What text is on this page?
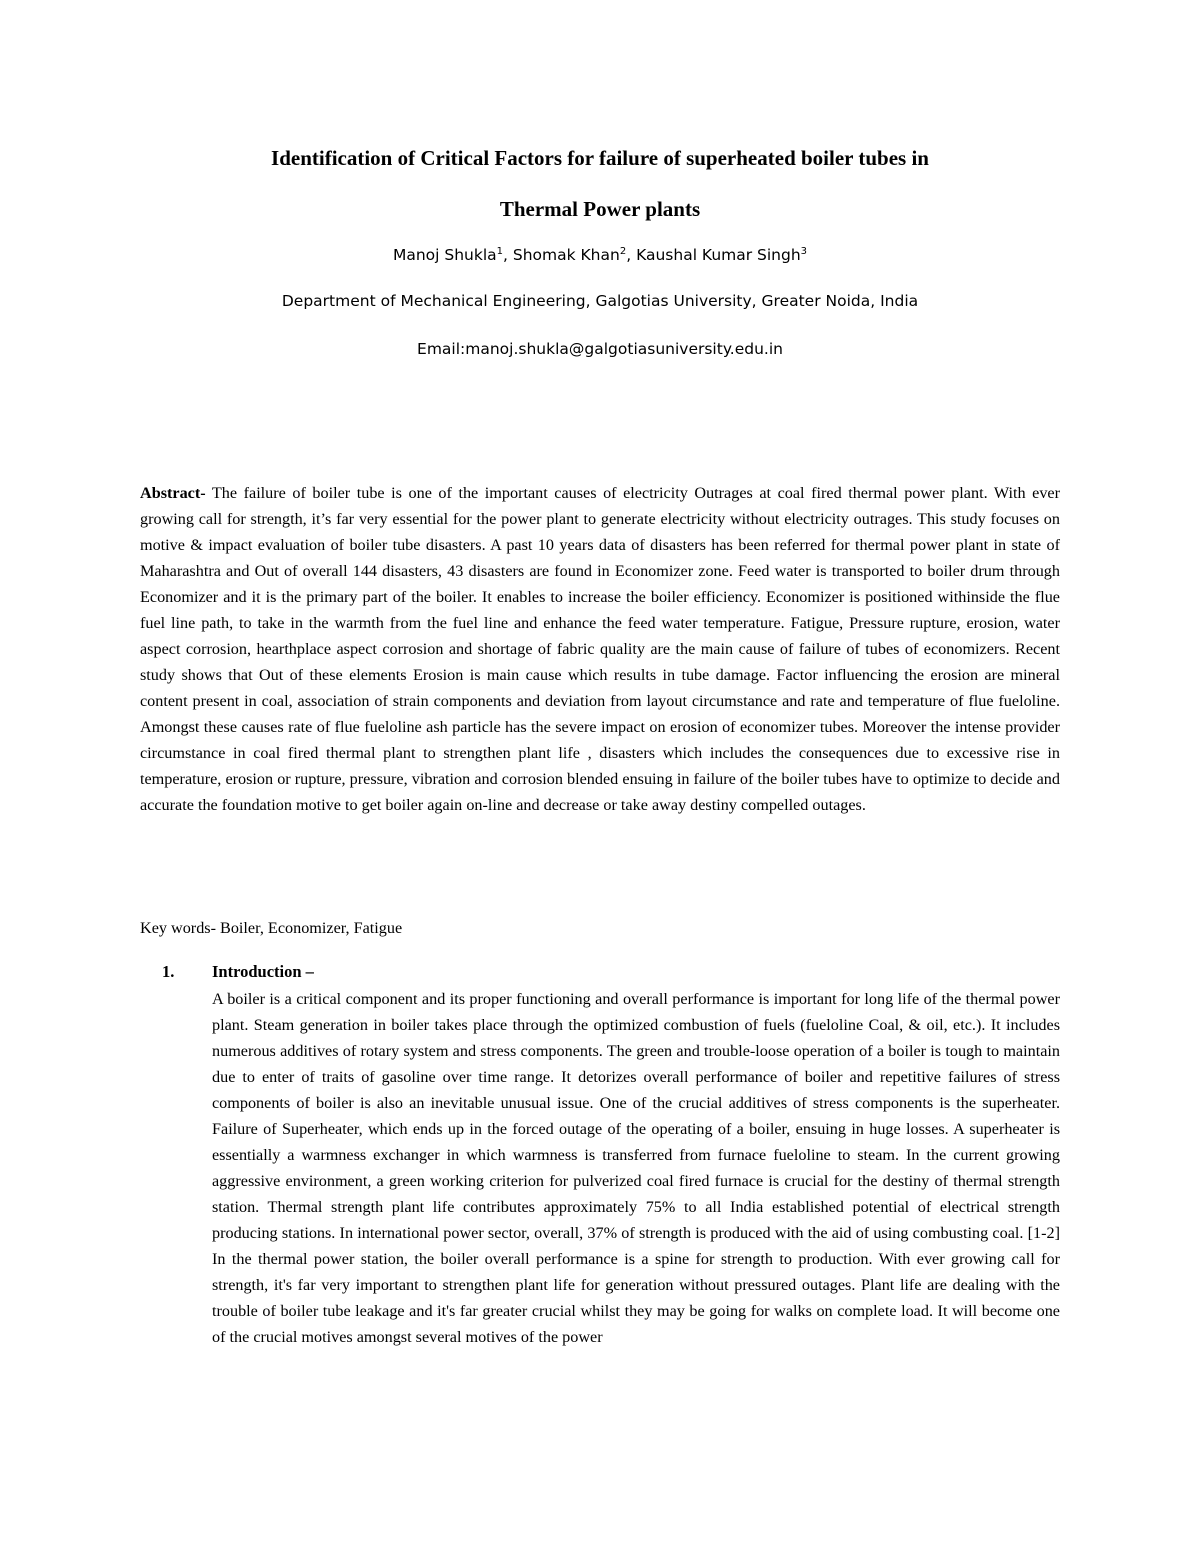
Identification of Critical Factors for failure of superheated boiler tubes in
Thermal Power plants
Manoj Shukla$^1$, Shomak Khan$^2$, Kaushal Kumar Singh$^3$
Department of Mechanical Engineering, Galgotias University, Greater Noida, India
Email:manoj.shukla@galgotiasuniversity.edu.in

Abstract- The failure of boiler tube is one of the important causes of electricity Outrages at coal fired thermal power plant. With ever growing call for strength, it’s far very essential for the power plant to generate electricity without electricity outrages. This study focuses on motive & impact evaluation of boiler tube disasters. A past 10 years data of disasters has been referred for thermal power plant in state of Maharashtra and Out of overall 144 disasters, 43 disasters are found in Economizer zone. Feed water is transported to boiler drum through Economizer and it is the primary part of the boiler. It enables to increase the boiler efficiency. Economizer is positioned withinside the flue fuel line path, to take in the warmth from the fuel line and enhance the feed water temperature. Fatigue, Pressure rupture, erosion, water aspect corrosion, hearthplace aspect corrosion and shortage of fabric quality are the main cause of failure of tubes of economizers. Recent study shows that Out of these elements Erosion is main cause which results in tube damage. Factor influencing the erosion are mineral content present in coal, association of strain components and deviation from layout circumstance and rate and temperature of flue fueloline. Amongst these causes rate of flue fueloline ash particle has the severe impact on erosion of economizer tubes. Moreover the intense provider circumstance in coal fired thermal plant to strengthen plant life , disasters which includes the consequences due to excessive rise in temperature, erosion or rupture, pressure, vibration and corrosion blended ensuing in failure of the boiler tubes have to optimize to decide and accurate the foundation motive to get boiler again on-line and decrease or take away destiny compelled outages.

Key words- Boiler, Economizer, Fatigue

1. Introduction –

A boiler is a critical component and its proper functioning and overall performance is important for long life of the thermal power plant. Steam generation in boiler takes place through the optimized combustion of fuels (fueloline Coal, & oil, etc.). It includes numerous additives of rotary system and stress components. The green and trouble-loose operation of a boiler is tough to maintain due to enter of traits of gasoline over time range. It detorizes overall performance of boiler and repetitive failures of stress components of boiler is also an inevitable unusual issue. One of the crucial additives of stress components is the superheater. Failure of Superheater, which ends up in the forced outage of the operating of a boiler, ensuing in huge losses. A superheater is essentially a warmness exchanger in which warmness is transferred from furnace fueloline to steam. In the current growing aggressive environment, a green working criterion for pulverized coal fired furnace is crucial for the destiny of thermal strength station. Thermal strength plant life contributes approximately 75% to all India established potential of electrical strength producing stations. In international power sector, overall, 37% of strength is produced with the aid of using combusting coal. [1-2] In the thermal power station, the boiler overall performance is a spine for strength to production. With ever growing call for strength, it's far very important to strengthen plant life for generation without pressured outages. Plant life are dealing with the trouble of boiler tube leakage and it's far greater crucial whilst they may be going for walks on complete load. It will become one of the crucial motives amongst several motives of the power
